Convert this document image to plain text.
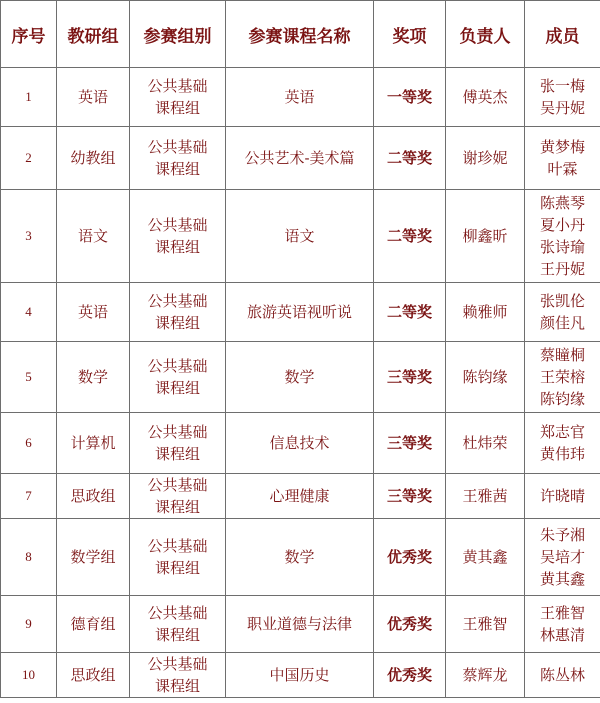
序号	教研组	参赛组别	参赛课程名称	奖项	负责人	成员
1	英语	公共基础
课程组	英语	一等奖	傅英杰	张一梅
吴丹妮

2	幼教组	公共基础
课程组	公共艺术-美术篇	二等奖	谢珍妮	黄梦梅
叶霖

3	语文	公共基础
课程组	语文	二等奖	柳鑫昕	陈燕琴
夏小丹
张诗瑜
王丹妮

4	英语	公共基础
课程组	旅游英语视听说	二等奖	赖雅师	张凯伦
颜佳凡

5	数学	公共基础
课程组	数学	三等奖	陈钧缘	蔡瞳桐
王荣榕
陈钧缘

6	计算机	公共基础
课程组	信息技术	三等奖	杜炜荣	郑志官
黄伟玮

7	思政组	公共基础
课程组	心理健康	三等奖	王雅茜	许晓晴

8	数学组	公共基础
课程组	数学	优秀奖	黄其鑫	朱予湘
吴培才
黄其鑫

9	德育组	公共基础
课程组	职业道德与法律	优秀奖	王雅智	王雅智
林惠清

10	思政组	公共基础
课程组	中国历史	优秀奖	蔡辉龙	陈丛林
